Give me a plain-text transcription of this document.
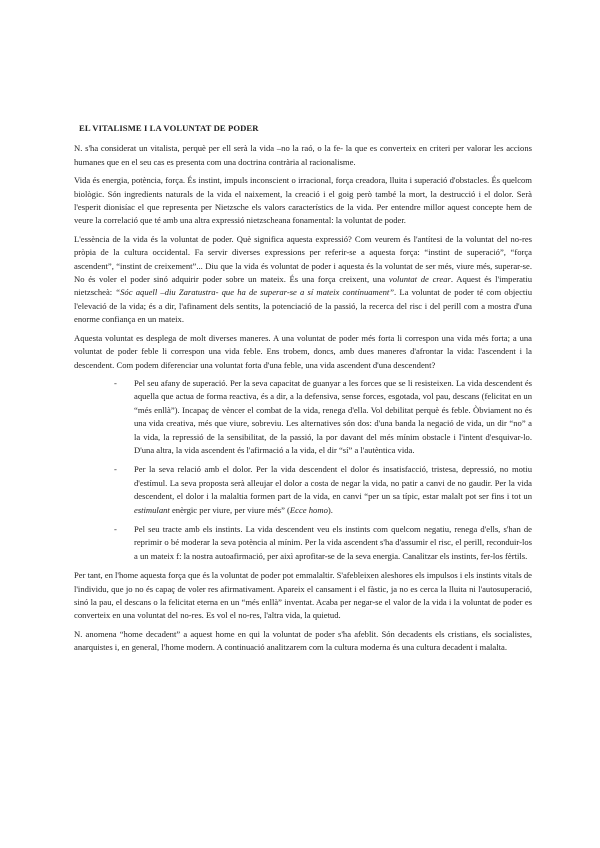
EL VITALISME I LA VOLUNTAT DE PODER

N. s'ha considerat un vitalista, perquè per ell serà la vida –no la raó, o la fe- la que es converteix en criteri per valorar les accions humanes que en el seu cas es presenta com una doctrina contrària al racionalisme.

Vida és energia, potència, força. És instint, impuls inconscient o irracional, força creadora, lluita i superació d'obstacles. És quelcom biològic. Són ingredients naturals de la vida el naixement, la creació i el goig però també la mort, la destrucció i el dolor. Serà l'esperit dionisíac el que representa per Nietzsche els valors característics de la vida. Per entendre millor aquest concepte hem de veure la correlació que té amb una altra expressió nietzscheana fonamental: la voluntat de poder.

L'essència de la vida és la voluntat de poder. Què significa aquesta expressió? Com veurem és l'antítesi de la voluntat del no-res pròpia de la cultura occidental. Fa servir diverses expressions per referir-se a aquesta força: “instint de superació”, “força ascendent”, “instint de creixement”... Diu que la vida és voluntat de poder i aquesta és la voluntat de ser més, viure més, superar-se. No és voler el poder sinó adquirir poder sobre un mateix. És una força creixent, una voluntat de crear. Aquest és l'imperatiu nietzscheà: “Sóc aquell –diu Zaratustra- que ha de superar-se a sí mateix contínuament”. La voluntat de poder té com objectiu l'elevació de la vida; és a dir, l'afinament dels sentits, la potenciació de la passió, la recerca del risc i del perill com a mostra d'una enorme confiança en un mateix.

Aquesta voluntat es desplega de molt diverses maneres. A una voluntat de poder més forta li correspon una vida més forta; a una voluntat de poder feble li correspon una vida feble. Ens trobem, doncs, amb dues maneres d'afrontar la vida: l'ascendent i la descendent. Com podem diferenciar una voluntat forta d'una feble, una vida ascendent d'una descendent?

- Pel seu afany de superació. Per la seva capacitat de guanyar a les forces que se li resisteixen. La vida descendent és aquella que actua de forma reactiva, és a dir, a la defensiva, sense forces, esgotada, vol pau, descans (felicitat en un “més enllà”). Incapaç de vèncer el combat de la vida, renega d'ella. Vol debilitat perquè és feble. Òbviament no és una vida creativa, més que viure, sobreviu. Les alternatives són dos: d'una banda la negació de vida, un dir “no” a la vida, la repressió de la sensibilitat, de la passió, la por davant del més mínim obstacle i l'intent d'esquivar-lo. D'una altra, la vida ascendent és l'afirmació a la vida, el dir “sí” a l'autèntica vida.
- Per la seva relació amb el dolor. Per la vida descendent el dolor és insatisfacció, tristesa, depressió, no motiu d'estímul. La seva proposta serà alleujar el dolor a costa de negar la vida, no patir a canvi de no gaudir. Per la vida descendent, el dolor i la malaltia formen part de la vida, en canvi “per un sa típic, estar malalt pot ser fins i tot un estimulant enèrgic per viure, per viure més” (Ecce homo).
- Pel seu tracte amb els instints. La vida descendent veu els instints com quelcom negatiu, renega d'ells, s'han de reprimir o bé moderar la seva potència al mínim. Per la vida ascendent s'ha d'assumir el risc, el perill, reconduir-los a un mateix f: la nostra autoafirmació, per aixì aprofitar-se de la seva energia. Canalitzar els instints, fer-los fèrtils.

Per tant, en l'home aquesta força que és la voluntat de poder pot emmalaltir. S'afebleixen aleshores els impulsos i els instints vitals de l'individu, que jo no és capaç de voler res afirmativament. Apareix el cansament i el fàstic, ja no es cerca la lluita ni l'autosuperació, sinó la pau, el descans o la felicitat eterna en un “més enllà” inventat. Acaba per negar-se el valor de la vida i la voluntat de poder es converteix en una voluntat del no-res. Es vol el no-res, l'altra vida, la quietud.

N. anomena “home decadent” a aquest home en qui la voluntat de poder s'ha afeblit. Són decadents els cristians, els socialistes, anarquistes i, en general, l'home modern. A continuació analitzarem com la cultura moderna és una cultura decadent i malalta.
